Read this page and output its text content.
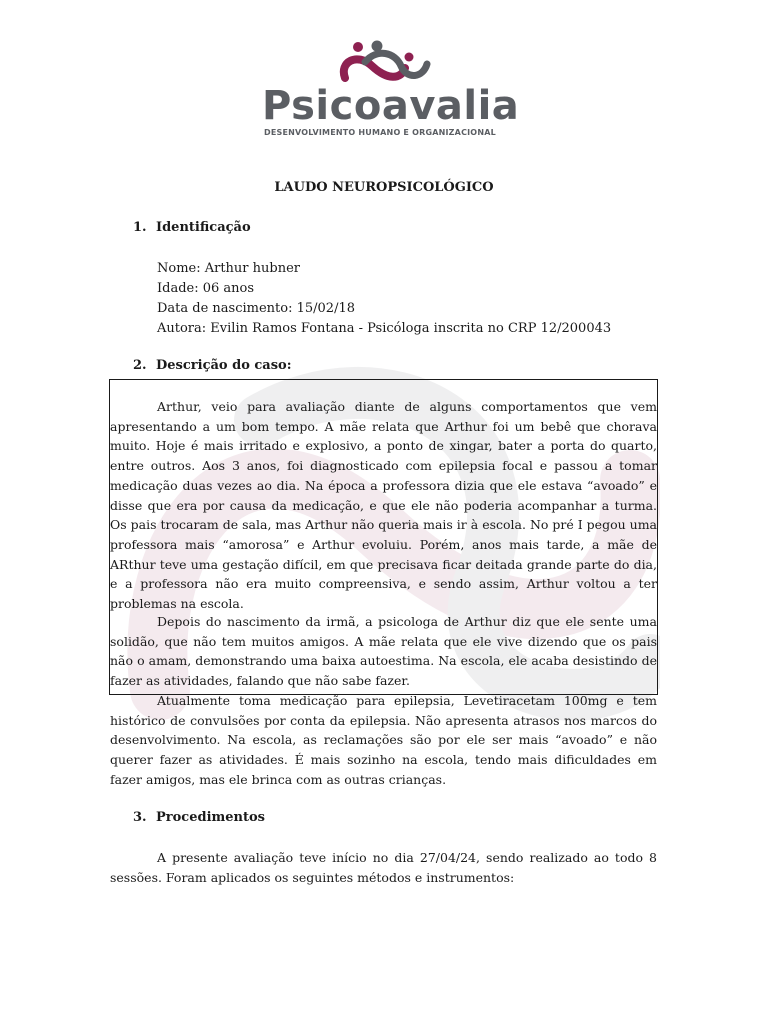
Psicoavalia
DESENVOLVIMENTO HUMANO E ORGANIZACIONAL
LAUDO NEUROPSICOLÓGICO
1. Identificação
Nome: Arthur hubner
Idade: 06 anos
Data de nascimento: 15/02/18
Autora: Evilin Ramos Fontana - Psicóloga inscrita no CRP 12/200043
2. Descrição do caso:
Arthur, veio para avaliação diante de alguns comportamentos que vem apresentando a um bom tempo. A mãe relata que Arthur foi um bebê que chorava muito. Hoje é mais irritado e explosivo, a ponto de xingar, bater a porta do quarto, entre outros. Aos 3 anos, foi diagnosticado com epilepsia focal e passou a tomar medicação duas vezes ao dia. Na época a professora dizia que ele estava “avoado” e disse que era por causa da medicação, e que ele não poderia acompanhar a turma. Os pais trocaram de sala, mas Arthur não queria mais ir à escola. No pré I pegou uma professora mais “amorosa” e Arthur evoluiu. Porém, anos mais tarde, a mãe de ARthur teve uma gestação difícil, em que precisava ficar deitada grande parte do dia, e a professora não era muito compreensiva, e sendo assim, Arthur voltou a ter problemas na escola.
Depois do nascimento da irmã, a psicologa de Arthur diz que ele sente uma solidão, que não tem muitos amigos. A mãe relata que ele vive dizendo que os pais não o amam, demonstrando uma baixa autoestima. Na escola, ele acaba desistindo de fazer as atividades, falando que não sabe fazer.
Atualmente toma medicação para epilepsia, Levetiracetam 100mg e tem histórico de convulsões por conta da epilepsia. Não apresenta atrasos nos marcos do desenvolvimento. Na escola, as reclamações são por ele ser mais “avoado” e não querer fazer as atividades. É mais sozinho na escola, tendo mais dificuldades em fazer amigos, mas ele brinca com as outras crianças.
3. Procedimentos
A presente avaliação teve início no dia 27/04/24, sendo realizado ao todo 8 sessões. Foram aplicados os seguintes métodos e instrumentos:
